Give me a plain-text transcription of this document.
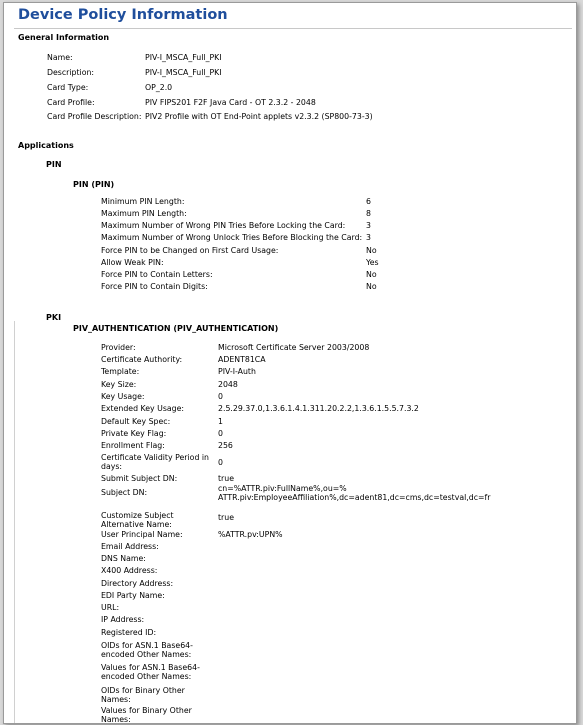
Device Policy Information
General Information
Name:	PIV-I_MSCA_Full_PKI
Description:	PIV-I_MSCA_Full_PKI
Card Type:	OP_2.0
Card Profile:	PIV FIPS201 F2F Java Card - OT 2.3.2 - 2048
Card Profile Description: PIV2 Profile with OT End-Point applets v2.3.2 (SP800-73-3)
Applications
PIN
PIN (PIN)
Minimum PIN Length:	6
Maximum PIN Length:	8
Maximum Number of Wrong PIN Tries Before Locking the Card:	3
Maximum Number of Wrong Unlock Tries Before Blocking the Card: 3
Force PIN to be Changed on First Card Usage:	No
Allow Weak PIN:	Yes
Force PIN to Contain Letters:	No
Force PIN to Contain Digits:	No
PKI
PIV_AUTHENTICATION (PIV_AUTHENTICATION)
Provider:	Microsoft Certificate Server 2003/2008
Certificate Authority:	ADENT81CA
Template:	PIV-I-Auth
Key Size:	2048
Key Usage:	0
Extended Key Usage:	2.5.29.37.0,1.3.6.1.4.1.311.20.2.2,1.3.6.1.5.5.7.3.2
Default Key Spec:	1
Private Key Flag:	0
Enrollment Flag:	256
Certificate Validity Period in days:	0
Submit Subject DN:	true
Subject DN:	cn=%ATTR.piv:FullName%,ou=% ATTR.piv:EmployeeAffiliation%,dc=adent81,dc=cms,dc=testval,dc=fr
Customize Subject Alternative Name:
true
User Principal Name:	%ATTR.pv:UPN%
Email Address:
DNS Name:
X400 Address:
Directory Address:
EDI Party Name:
URL:
IP Address:
Registered ID:
OIDs for ASN.1 Base64-encoded Other Names:
Values for ASN.1 Base64-encoded Other Names:
OIDs for Binary Other Names:
Values for Binary Other Names:
